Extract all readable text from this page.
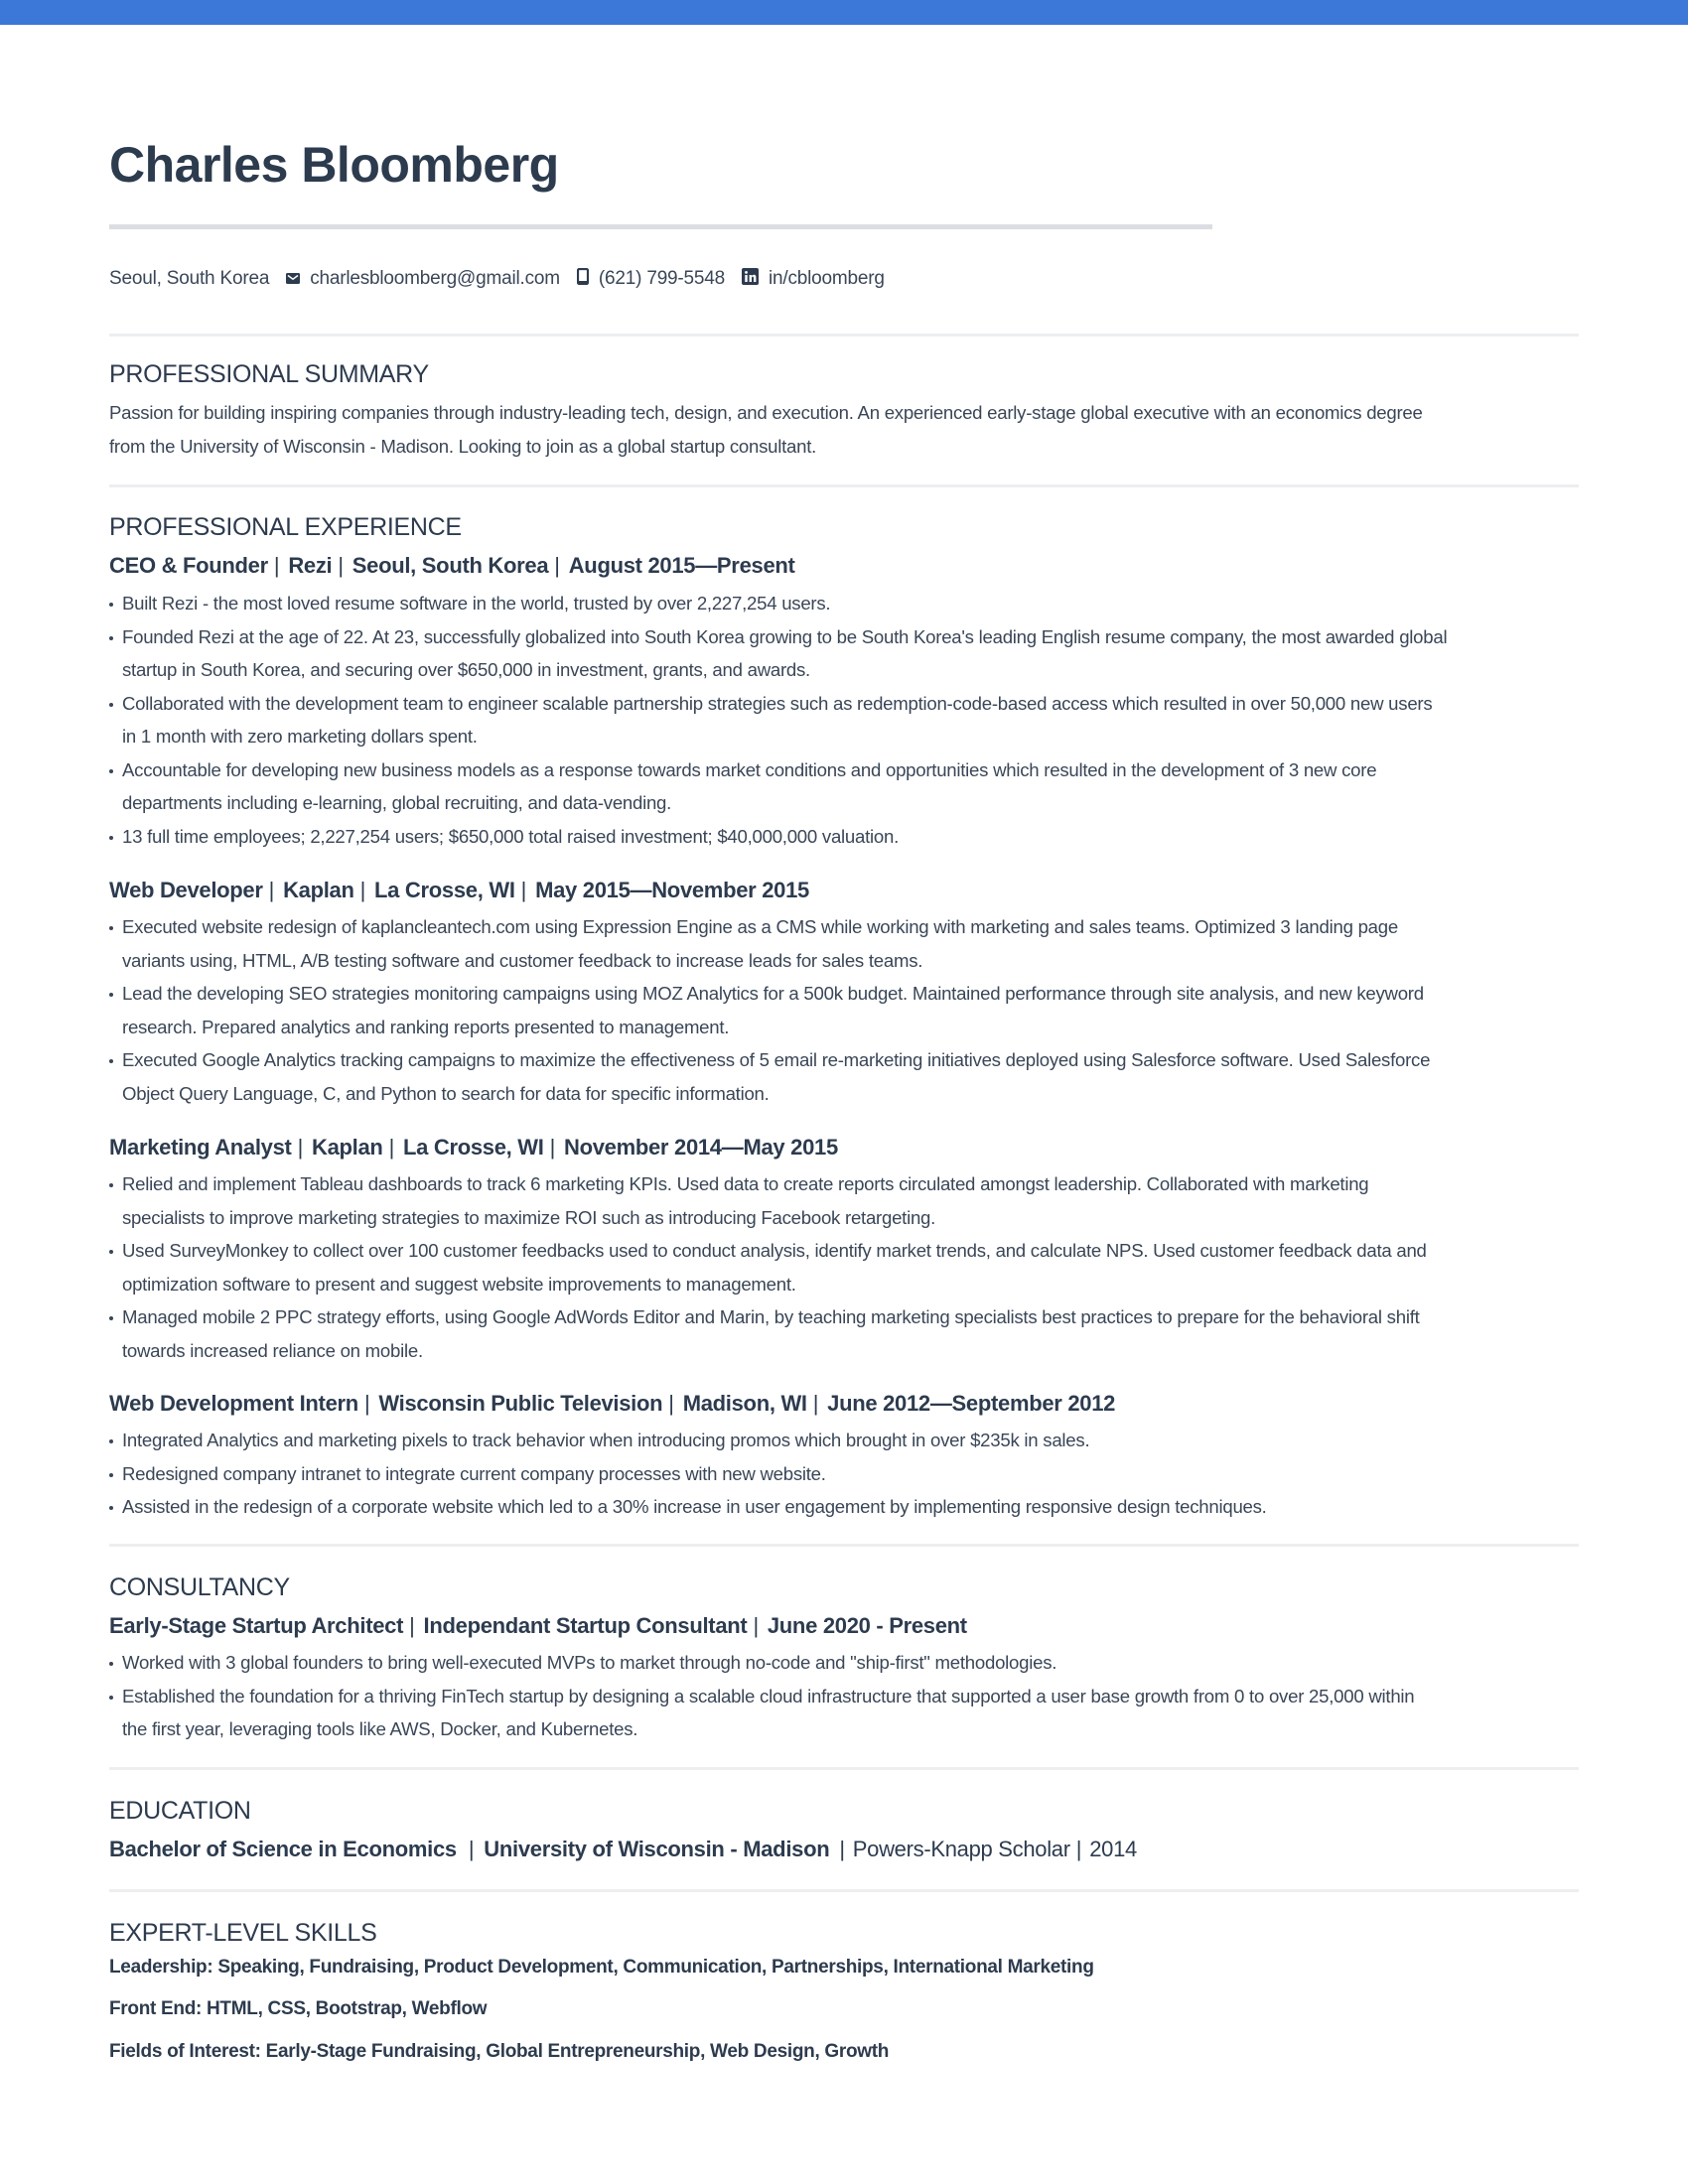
Charles Bloomberg
Seoul, South Korea charlesbloomberg@gmail.com (621) 799-5548 in/cbloomberg
PROFESSIONAL SUMMARY
Passion for building inspiring companies through industry-leading tech, design, and execution. An experienced early-stage global executive with an economics degree
from the University of Wisconsin - Madison. Looking to join as a global startup consultant.
PROFESSIONAL EXPERIENCE
CEO & Founder | Rezi | Seoul, South Korea | August 2015—Present
Built Rezi - the most loved resume software in the world, trusted by over 2,227,254 users.
Founded Rezi at the age of 22. At 23, successfully globalized into South Korea growing to be South Korea's leading English resume company, the most awarded global
startup in South Korea, and securing over $650,000 in investment, grants, and awards.
Collaborated with the development team to engineer scalable partnership strategies such as redemption-code-based access which resulted in over 50,000 new users
in 1 month with zero marketing dollars spent.
Accountable for developing new business models as a response towards market conditions and opportunities which resulted in the development of 3 new core
departments including e-learning, global recruiting, and data-vending.
13 full time employees; 2,227,254 users; $650,000 total raised investment; $40,000,000 valuation.
Web Developer | Kaplan | La Crosse, WI | May 2015—November 2015
Executed website redesign of kaplancleantech.com using Expression Engine as a CMS while working with marketing and sales teams. Optimized 3 landing page
variants using, HTML, A/B testing software and customer feedback to increase leads for sales teams.
Lead the developing SEO strategies monitoring campaigns using MOZ Analytics for a 500k budget. Maintained performance through site analysis, and new keyword
research. Prepared analytics and ranking reports presented to management.
Executed Google Analytics tracking campaigns to maximize the effectiveness of 5 email re-marketing initiatives deployed using Salesforce software. Used Salesforce
Object Query Language, C, and Python to search for data for specific information.
Marketing Analyst | Kaplan | La Crosse, WI | November 2014—May 2015
Relied and implement Tableau dashboards to track 6 marketing KPIs. Used data to create reports circulated amongst leadership. Collaborated with marketing
specialists to improve marketing strategies to maximize ROI such as introducing Facebook retargeting.
Used SurveyMonkey to collect over 100 customer feedbacks used to conduct analysis, identify market trends, and calculate NPS. Used customer feedback data and
optimization software to present and suggest website improvements to management.
Managed mobile 2 PPC strategy efforts, using Google AdWords Editor and Marin, by teaching marketing specialists best practices to prepare for the behavioral shift
towards increased reliance on mobile.
Web Development Intern | Wisconsin Public Television | Madison, WI | June 2012—September 2012
Integrated Analytics and marketing pixels to track behavior when introducing promos which brought in over $235k in sales.
Redesigned company intranet to integrate current company processes with new website.
Assisted in the redesign of a corporate website which led to a 30% increase in user engagement by implementing responsive design techniques.
CONSULTANCY
Early-Stage Startup Architect | Independant Startup Consultant | June 2020 - Present
Worked with 3 global founders to bring well-executed MVPs to market through no-code and "ship-first" methodologies.
Established the foundation for a thriving FinTech startup by designing a scalable cloud infrastructure that supported a user base growth from 0 to over 25,000 within
the first year, leveraging tools like AWS, Docker, and Kubernetes.
EDUCATION
Bachelor of Science in Economics | University of Wisconsin - Madison | Powers-Knapp Scholar | 2014
EXPERT-LEVEL SKILLS
Leadership: Speaking, Fundraising, Product Development, Communication, Partnerships, International Marketing
Front End: HTML, CSS, Bootstrap, Webflow
Fields of Interest: Early-Stage Fundraising, Global Entrepreneurship, Web Design, Growth
